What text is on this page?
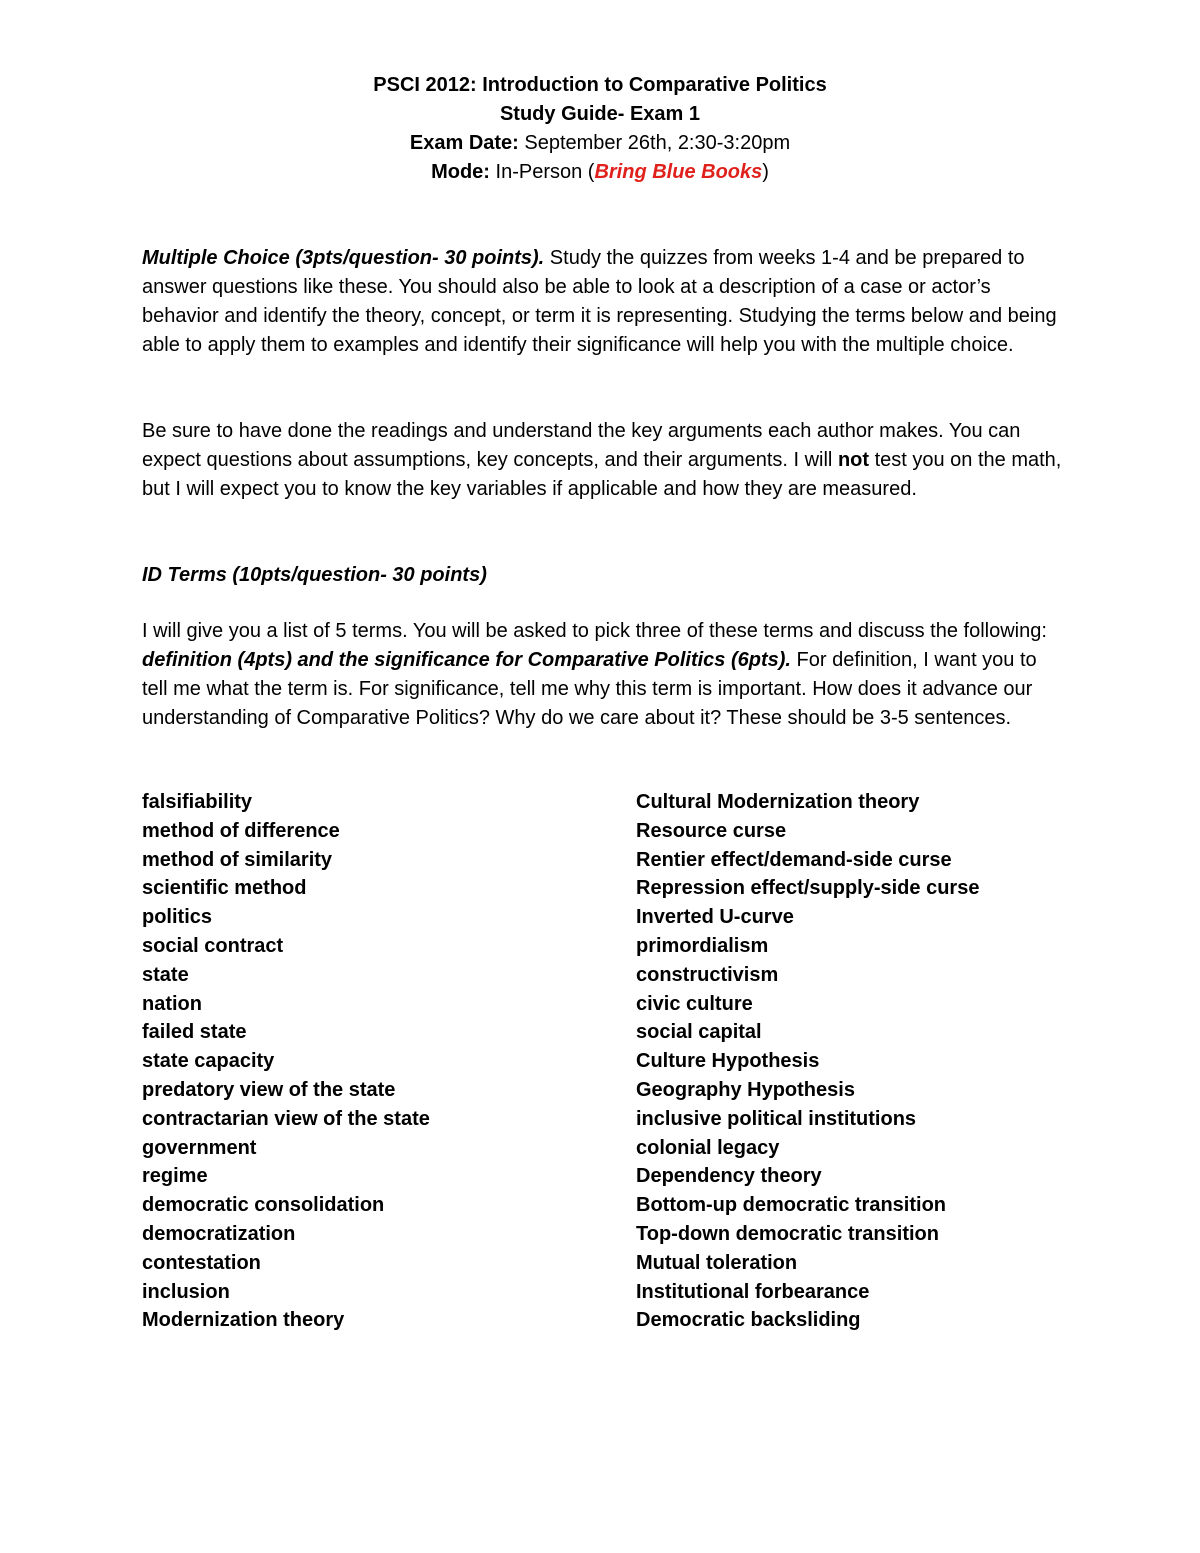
PSCI 2012: Introduction to Comparative Politics
Study Guide- Exam 1
Exam Date: September 26th, 2:30-3:20pm
Mode: In-Person (Bring Blue Books)

Multiple Choice (3pts/question- 30 points). Study the quizzes from weeks 1-4 and be prepared to answer questions like these. You should also be able to look at a description of a case or actor’s behavior and identify the theory, concept, or term it is representing. Studying the terms below and being able to apply them to examples and identify their significance will help you with the multiple choice.

Be sure to have done the readings and understand the key arguments each author makes. You can expect questions about assumptions, key concepts, and their arguments. I will not test you on the math, but I will expect you to know the key variables if applicable and how they are measured.

ID Terms (10pts/question- 30 points)

I will give you a list of 5 terms. You will be asked to pick three of these terms and discuss the following: definition (4pts) and the significance for Comparative Politics (6pts). For definition, I want you to tell me what the term is. For significance, tell me why this term is important. How does it advance our understanding of Comparative Politics? Why do we care about it? These should be 3-5 sentences.

falsifiability
method of difference
method of similarity
scientific method
politics
social contract
state
nation
failed state
state capacity
predatory view of the state
contractarian view of the state
government
regime
democratic consolidation
democratization
contestation
inclusion
Modernization theory
Cultural Modernization theory
Resource curse
Rentier effect/demand-side curse
Repression effect/supply-side curse
Inverted U-curve
primordialism
constructivism
civic culture
social capital
Culture Hypothesis
Geography Hypothesis
inclusive political institutions
colonial legacy
Dependency theory
Bottom-up democratic transition
Top-down democratic transition
Mutual toleration
Institutional forbearance
Democratic backsliding
